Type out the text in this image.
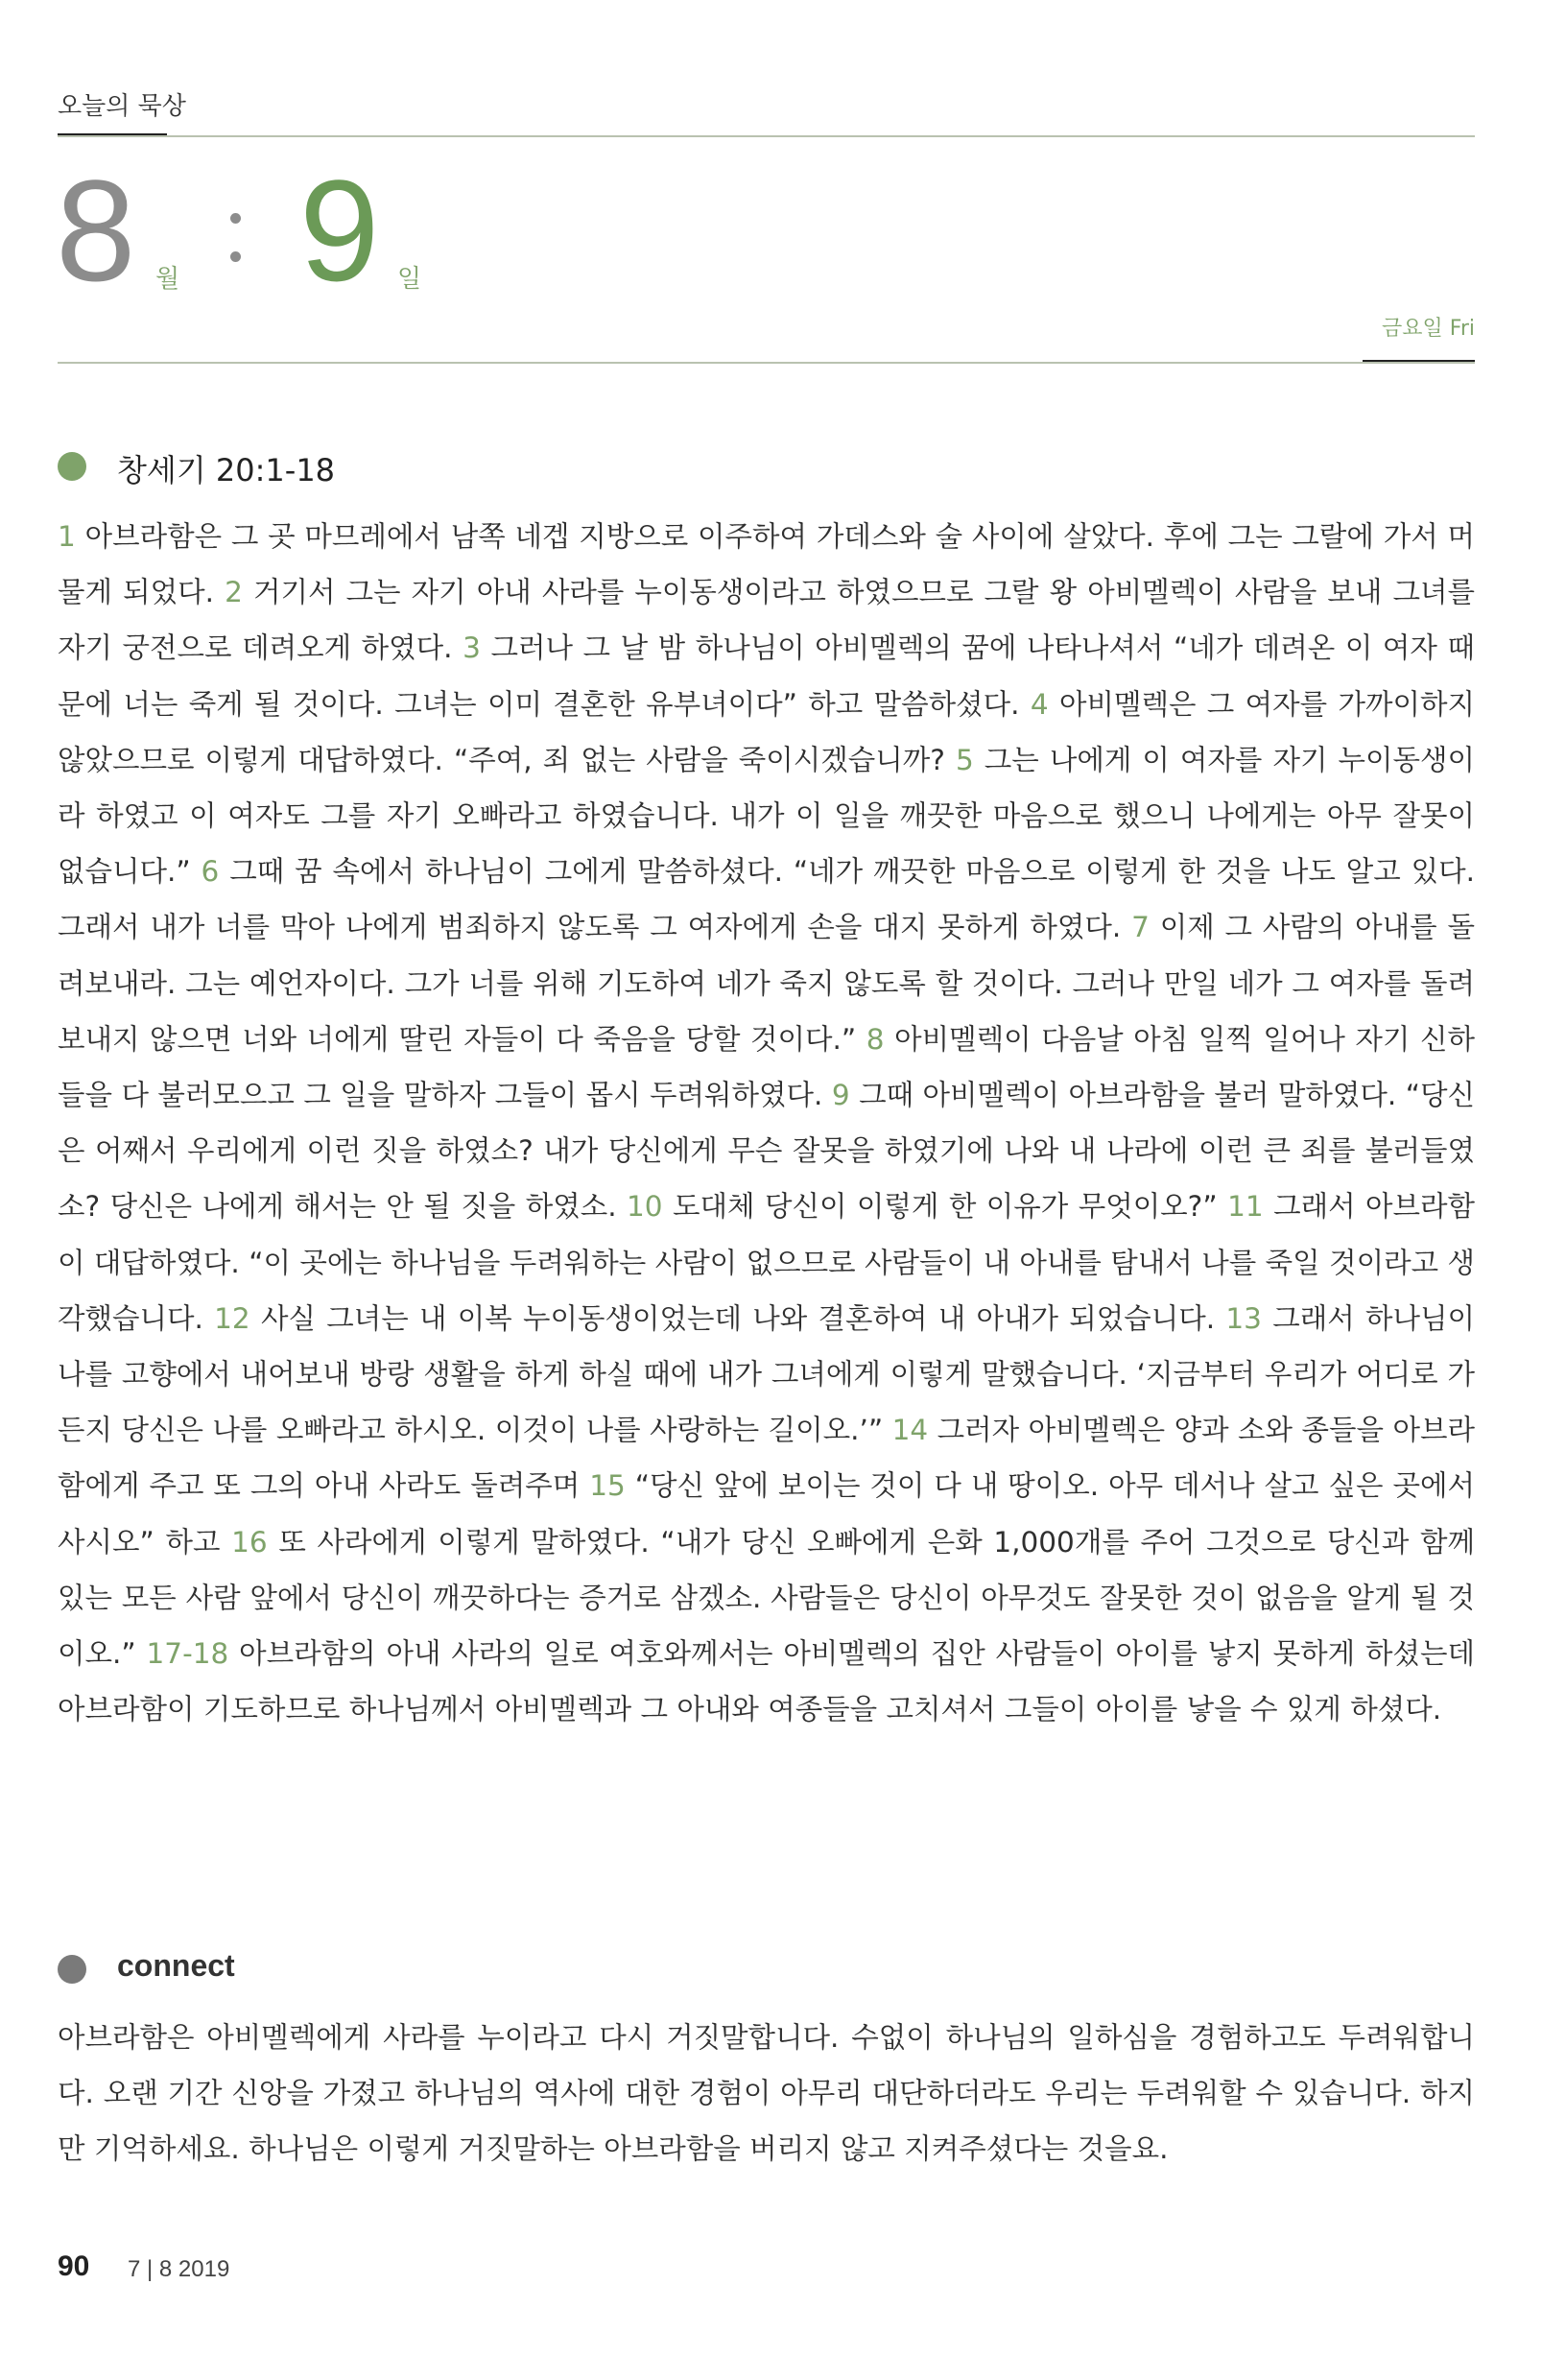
오늘의 묵상
8 월 9 일
금요일 Fri
창세기 20:1-18
1 아브라함은 그 곳 마므레에서 남쪽 네겝 지방으로 이주하여 가데스와 술 사이에 살았다. 후에 그는 그랄에 가서 머물게 되었다. 2 거기서 그는 자기 아내 사라를 누이동생이라고 하였으므로 그랄 왕 아비멜렉이 사람을 보내 그녀를 자기 궁전으로 데려오게 하였다. 3 그러나 그 날 밤 하나님이 아비멜렉의 꿈에 나타나셔서 “네가 데려온 이 여자 때문에 너는 죽게 될 것이다. 그녀는 이미 결혼한 유부녀이다” 하고 말씀하셨다. 4 아비멜렉은 그 여자를 가까이하지 않았으므로 이렇게 대답하였다. “주여, 죄 없는 사람을 죽이시겠습니까? 5 그는 나에게 이 여자를 자기 누이동생이라 하였고 이 여자도 그를 자기 오빠라고 하였습니다. 내가 이 일을 깨끗한 마음으로 했으니 나에게는 아무 잘못이 없습니다.” 6 그때 꿈 속에서 하나님이 그에게 말씀하셨다. “네가 깨끗한 마음으로 이렇게 한 것을 나도 알고 있다. 그래서 내가 너를 막아 나에게 범죄하지 않도록 그 여자에게 손을 대지 못하게 하였다. 7 이제 그 사람의 아내를 돌려보내라. 그는 예언자이다. 그가 너를 위해 기도하여 네가 죽지 않도록 할 것이다. 그러나 만일 네가 그 여자를 돌려보내지 않으면 너와 너에게 딸린 자들이 다 죽음을 당할 것이다.” 8 아비멜렉이 다음날 아침 일찍 일어나 자기 신하들을 다 불러모으고 그 일을 말하자 그들이 몹시 두려워하였다. 9 그때 아비멜렉이 아브라함을 불러 말하였다. “당신은 어째서 우리에게 이런 짓을 하였소? 내가 당신에게 무슨 잘못을 하였기에 나와 내 나라에 이런 큰 죄를 불러들였소? 당신은 나에게 해서는 안 될 짓을 하였소. 10 도대체 당신이 이렇게 한 이유가 무엇이오?” 11 그래서 아브라함이 대답하였다. “이 곳에는 하나님을 두려워하는 사람이 없으므로 사람들이 내 아내를 탐내서 나를 죽일 것이라고 생각했습니다. 12 사실 그녀는 내 이복 누이동생이었는데 나와 결혼하여 내 아내가 되었습니다. 13 그래서 하나님이 나를 고향에서 내어보내 방랑 생활을 하게 하실 때에 내가 그녀에게 이렇게 말했습니다. ‘지금부터 우리가 어디로 가든지 당신은 나를 오빠라고 하시오. 이것이 나를 사랑하는 길이오.’” 14 그러자 아비멜렉은 양과 소와 종들을 아브라함에게 주고 또 그의 아내 사라도 돌려주며 15 “당신 앞에 보이는 것이 다 내 땅이오. 아무 데서나 살고 싶은 곳에서 사시오” 하고 16 또 사라에게 이렇게 말하였다. “내가 당신 오빠에게 은화 1,000개를 주어 그것으로 당신과 함께 있는 모든 사람 앞에서 당신이 깨끗하다는 증거로 삼겠소. 사람들은 당신이 아무것도 잘못한 것이 없음을 알게 될 것이오.” 17-18 아브라함의 아내 사라의 일로 여호와께서는 아비멜렉의 집안 사람들이 아이를 낳지 못하게 하셨는데 아브라함이 기도하므로 하나님께서 아비멜렉과 그 아내와 여종들을 고치셔서 그들이 아이를 낳을 수 있게 하셨다.
connect
아브라함은 아비멜렉에게 사라를 누이라고 다시 거짓말합니다. 수없이 하나님의 일하심을 경험하고도 두려워합니다. 오랜 기간 신앙을 가졌고 하나님의 역사에 대한 경험이 아무리 대단하더라도 우리는 두려워할 수 있습니다. 하지만 기억하세요. 하나님은 이렇게 거짓말하는 아브라함을 버리지 않고 지켜주셨다는 것을요.
90 7 | 8 2019
